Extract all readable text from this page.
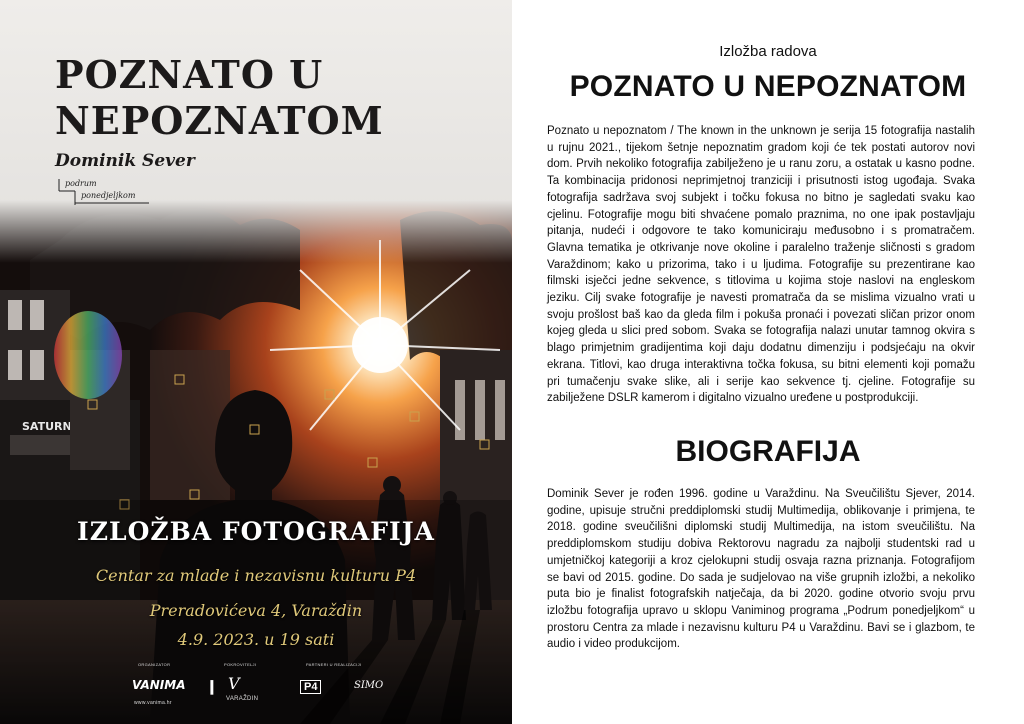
POZNATO U
NEPOZNATOM

Dominik Sever

podrum
ponedjeljkom
IZLOŽBA FOTOGRAFIJA

Centar za mlade i nezavisnu kulturu P4

Preradovićeva 4, Varaždin

4.9. 2023. u 19 sati

ORGANIZATOR
VANIMA
www.vanima.hr
POKROVITELJI
❙ V
VARAŽDIN
PARTNERI U REALIZACIJI
P4	SIMO

Izložba radova

POZNATO U NEPOZNATOM

Poznato u nepoznatom / The known in the unknown je serija 15 fotografija nastalih u rujnu 2021., tijekom šetnje nepoznatim gradom koji će tek postati autorov novi dom. Prvih nekoliko fotografija zabilježeno je u ranu zoru, a ostatak u kasno podne. Ta kombinacija pridonosi neprimjetnoj tranziciji i prisutnosti istog ugođaja. Svaka fotografija sadržava svoj subjekt i točku fokusa no bitno je sagledati svaku kao cjelinu. Fotografije mogu biti shvaćene pomalo praznima, no one ipak postavljaju pitanja, nudeći i odgovore te tako komuniciraju međusobno i s promatračem. Glavna tematika je otkrivanje nove okoline i paralelno traženje sličnosti s gradom Varaždinom; kako u prizorima, tako i u ljudima. Fotografije su prezentirane kao filmski isječci jedne sekvence, s titlovima u kojima stoje naslovi na engleskom jeziku. Cilj svake fotografije je navesti promatrača da se mislima vizualno vrati u svoju prošlost baš kao da gleda film i pokuša pronaći i povezati sličan prizor onom kojeg gleda u slici pred sobom. Svaka se fotografija nalazi unutar tamnog okvira s blago primjetnim gradijentima koji daju dodatnu dimenziju i podsjećaju na okvir ekrana. Titlovi, kao druga interaktivna točka fokusa, su bitni elementi koji pomažu pri tumačenju svake slike, ali i serije kao sekvence tj. cjeline. Fotografije su zabilježene DSLR kamerom i digitalno vizualno uređene u postprodukciji.

BIOGRAFIJA

Dominik Sever je rođen 1996. godine u Varaždinu. Na Sveučilištu Sjever, 2014. godine, upisuje stručni preddiplomski studij Multimedija, oblikovanje i primjena, te 2018. godine sveučilišni diplomski studij Multimedija, na istom sveučilištu. Na preddiplomskom studiju dobiva Rektorovu nagradu za najbolji studentski rad u umjetničkoj kategoriji a kroz cjelokupni studij osvaja razna priznanja. Fotografijom se bavi od 2015. godine. Do sada je sudjelovao na više grupnih izložbi, a nekoliko puta bio je finalist fotografskih natječaja, da bi 2020. godine otvorio svoju prvu izložbu fotografija upravo u sklopu Vaniminog programa „Podrum ponedjeljkom“ u prostoru Centra za mlade i nezavisnu kulturu P4 u Varaždinu. Bavi se i glazbom, te audio i video produkcijom.
